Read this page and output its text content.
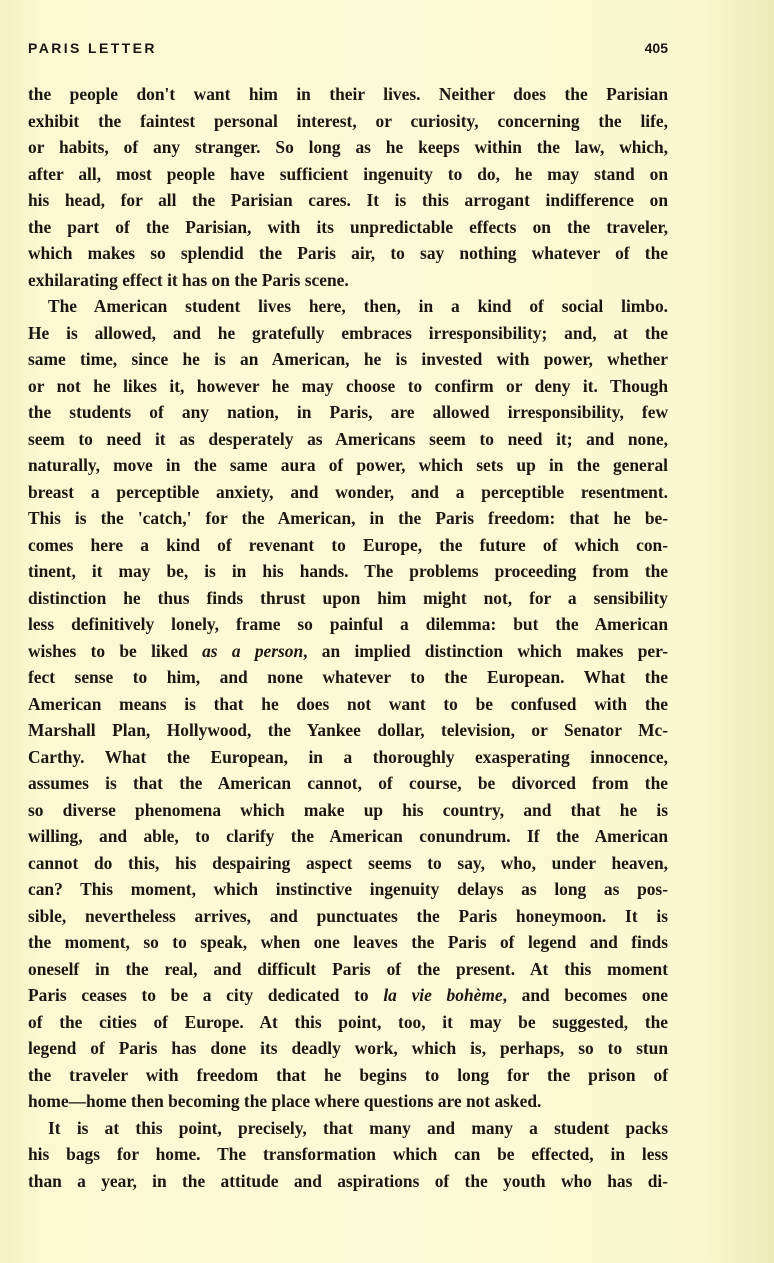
PARIS LETTER	405
the people don't want him in their lives. Neither does the Parisian
exhibit the faintest personal interest, or curiosity, concerning the life,
or habits, of any stranger. So long as he keeps within the law, which,
after all, most people have sufficient ingenuity to do, he may stand on
his head, for all the Parisian cares. It is this arrogant indifference on
the part of the Parisian, with its unpredictable effects on the traveler,
which makes so splendid the Paris air, to say nothing whatever of the
exhilarating effect it has on the Paris scene.
The American student lives here, then, in a kind of social limbo.
He is allowed, and he gratefully embraces irresponsibility; and, at the
same time, since he is an American, he is invested with power, whether
or not he likes it, however he may choose to confirm or deny it. Though
the students of any nation, in Paris, are allowed irresponsibility, few
seem to need it as desperately as Americans seem to need it; and none,
naturally, move in the same aura of power, which sets up in the general
breast a perceptible anxiety, and wonder, and a perceptible resentment.
This is the 'catch,' for the American, in the Paris freedom: that he be-
comes here a kind of revenant to Europe, the future of which con-
tinent, it may be, is in his hands. The problems proceeding from the
distinction he thus finds thrust upon him might not, for a sensibility
less definitively lonely, frame so painful a dilemma: but the American
wishes to be liked as a person, an implied distinction which makes per-
fect sense to him, and none whatever to the European. What the
American means is that he does not want to be confused with the
Marshall Plan, Hollywood, the Yankee dollar, television, or Senator Mc-
Carthy. What the European, in a thoroughly exasperating innocence,
assumes is that the American cannot, of course, be divorced from the
so diverse phenomena which make up his country, and that he is
willing, and able, to clarify the American conundrum. If the American
cannot do this, his despairing aspect seems to say, who, under heaven,
can? This moment, which instinctive ingenuity delays as long as pos-
sible, nevertheless arrives, and punctuates the Paris honeymoon. It is
the moment, so to speak, when one leaves the Paris of legend and finds
oneself in the real, and difficult Paris of the present. At this moment
Paris ceases to be a city dedicated to la vie bohème, and becomes one
of the cities of Europe. At this point, too, it may be suggested, the
legend of Paris has done its deadly work, which is, perhaps, so to stun
the traveler with freedom that he begins to long for the prison of
home—home then becoming the place where questions are not asked.
It is at this point, precisely, that many and many a student packs
his bags for home. The transformation which can be effected, in less
than a year, in the attitude and aspirations of the youth who has di-
